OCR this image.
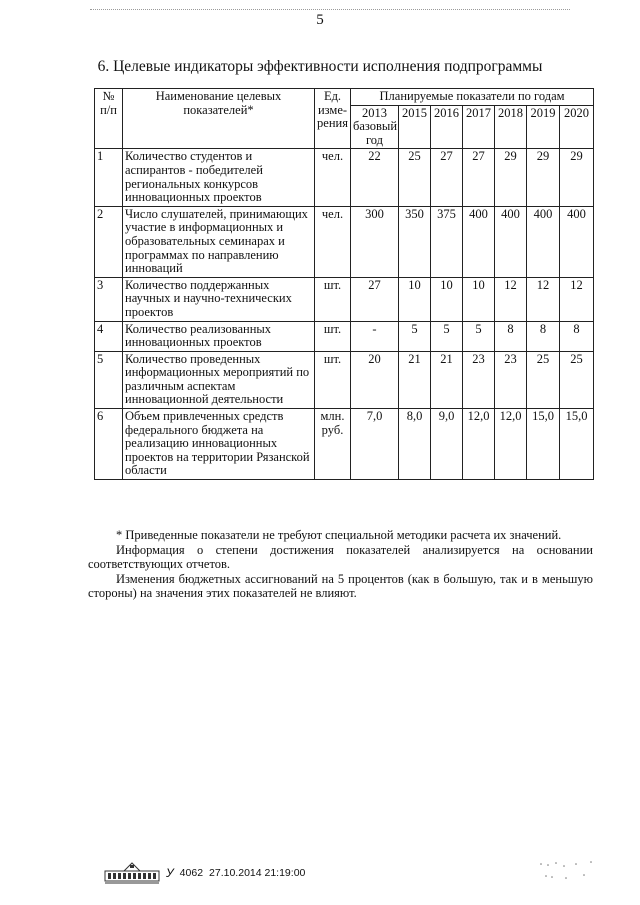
5
6. Целевые индикаторы эффективности исполнения подпрограммы
№ п/п	Наименование целевых показателей*	Ед. изме-рения	Планируемые показатели по годам						
			2013 базовый год	2015	2016	2017	2018	2019	2020
1	Количество студентов и аспирантов - победителей региональных конкурсов инновационных проектов	чел.	22	25	27	27	29	29	29
2	Число слушателей, принимающих участие в информационных и образовательных семинарах и программах по направлению инноваций	чел.	300	350	375	400	400	400	400
3	Количество поддержанных научных и научно-технических проектов	шт.	27	10	10	10	12	12	12
4	Количество реализованных инновационных проектов	шт.	-	5	5	5	8	8	8
5	Количество проведенных информационных мероприятий по различным аспектам инновационной деятельности	шт.	20	21	21	23	23	25	25
6	Объем привлеченных средств федерального бюджета на реализацию инновационных проектов на территории Рязанской области	млн. руб.	7,0	8,0	9,0	12,0	12,0	15,0	15,0

* Приведенные показатели не требуют специальной методики расчета их значений.

Информация о степени достижения показателей анализируется на основании соответствующих отчетов.

Изменения бюджетных ассигнований на 5 процентов (как в большую, так и в меньшую стороны) на значения этих показателей не влияют.

У 4062 27.10.2014 21:19:00
